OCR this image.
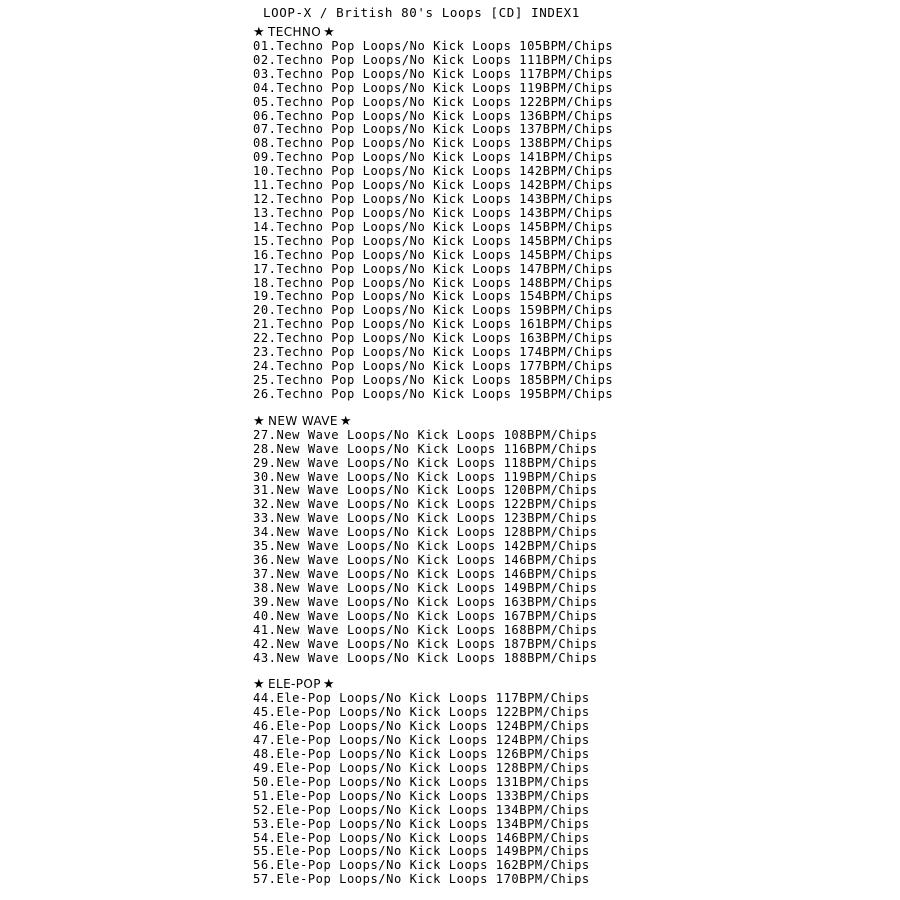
LOOP-X / British 80's Loops [CD] INDEX1
★ TECHNO ★
01.Techno Pop Loops/No Kick Loops 105BPM/Chips
02.Techno Pop Loops/No Kick Loops 111BPM/Chips
03.Techno Pop Loops/No Kick Loops 117BPM/Chips
04.Techno Pop Loops/No Kick Loops 119BPM/Chips
05.Techno Pop Loops/No Kick Loops 122BPM/Chips
06.Techno Pop Loops/No Kick Loops 136BPM/Chips
07.Techno Pop Loops/No Kick Loops 137BPM/Chips
08.Techno Pop Loops/No Kick Loops 138BPM/Chips
09.Techno Pop Loops/No Kick Loops 141BPM/Chips
10.Techno Pop Loops/No Kick Loops 142BPM/Chips
11.Techno Pop Loops/No Kick Loops 142BPM/Chips
12.Techno Pop Loops/No Kick Loops 143BPM/Chips
13.Techno Pop Loops/No Kick Loops 143BPM/Chips
14.Techno Pop Loops/No Kick Loops 145BPM/Chips
15.Techno Pop Loops/No Kick Loops 145BPM/Chips
16.Techno Pop Loops/No Kick Loops 145BPM/Chips
17.Techno Pop Loops/No Kick Loops 147BPM/Chips
18.Techno Pop Loops/No Kick Loops 148BPM/Chips
19.Techno Pop Loops/No Kick Loops 154BPM/Chips
20.Techno Pop Loops/No Kick Loops 159BPM/Chips
21.Techno Pop Loops/No Kick Loops 161BPM/Chips
22.Techno Pop Loops/No Kick Loops 163BPM/Chips
23.Techno Pop Loops/No Kick Loops 174BPM/Chips
24.Techno Pop Loops/No Kick Loops 177BPM/Chips
25.Techno Pop Loops/No Kick Loops 185BPM/Chips
26.Techno Pop Loops/No Kick Loops 195BPM/Chips
★ NEW WAVE ★
27.New Wave Loops/No Kick Loops 108BPM/Chips
28.New Wave Loops/No Kick Loops 116BPM/Chips
29.New Wave Loops/No Kick Loops 118BPM/Chips
30.New Wave Loops/No Kick Loops 119BPM/Chips
31.New Wave Loops/No Kick Loops 120BPM/Chips
32.New Wave Loops/No Kick Loops 122BPM/Chips
33.New Wave Loops/No Kick Loops 123BPM/Chips
34.New Wave Loops/No Kick Loops 128BPM/Chips
35.New Wave Loops/No Kick Loops 142BPM/Chips
36.New Wave Loops/No Kick Loops 146BPM/Chips
37.New Wave Loops/No Kick Loops 146BPM/Chips
38.New Wave Loops/No Kick Loops 149BPM/Chips
39.New Wave Loops/No Kick Loops 163BPM/Chips
40.New Wave Loops/No Kick Loops 167BPM/Chips
41.New Wave Loops/No Kick Loops 168BPM/Chips
42.New Wave Loops/No Kick Loops 187BPM/Chips
43.New Wave Loops/No Kick Loops 188BPM/Chips
★ ELE-POP ★
44.Ele-Pop Loops/No Kick Loops 117BPM/Chips
45.Ele-Pop Loops/No Kick Loops 122BPM/Chips
46.Ele-Pop Loops/No Kick Loops 124BPM/Chips
47.Ele-Pop Loops/No Kick Loops 124BPM/Chips
48.Ele-Pop Loops/No Kick Loops 126BPM/Chips
49.Ele-Pop Loops/No Kick Loops 128BPM/Chips
50.Ele-Pop Loops/No Kick Loops 131BPM/Chips
51.Ele-Pop Loops/No Kick Loops 133BPM/Chips
52.Ele-Pop Loops/No Kick Loops 134BPM/Chips
53.Ele-Pop Loops/No Kick Loops 134BPM/Chips
54.Ele-Pop Loops/No Kick Loops 146BPM/Chips
55.Ele-Pop Loops/No Kick Loops 149BPM/Chips
56.Ele-Pop Loops/No Kick Loops 162BPM/Chips
57.Ele-Pop Loops/No Kick Loops 170BPM/Chips
